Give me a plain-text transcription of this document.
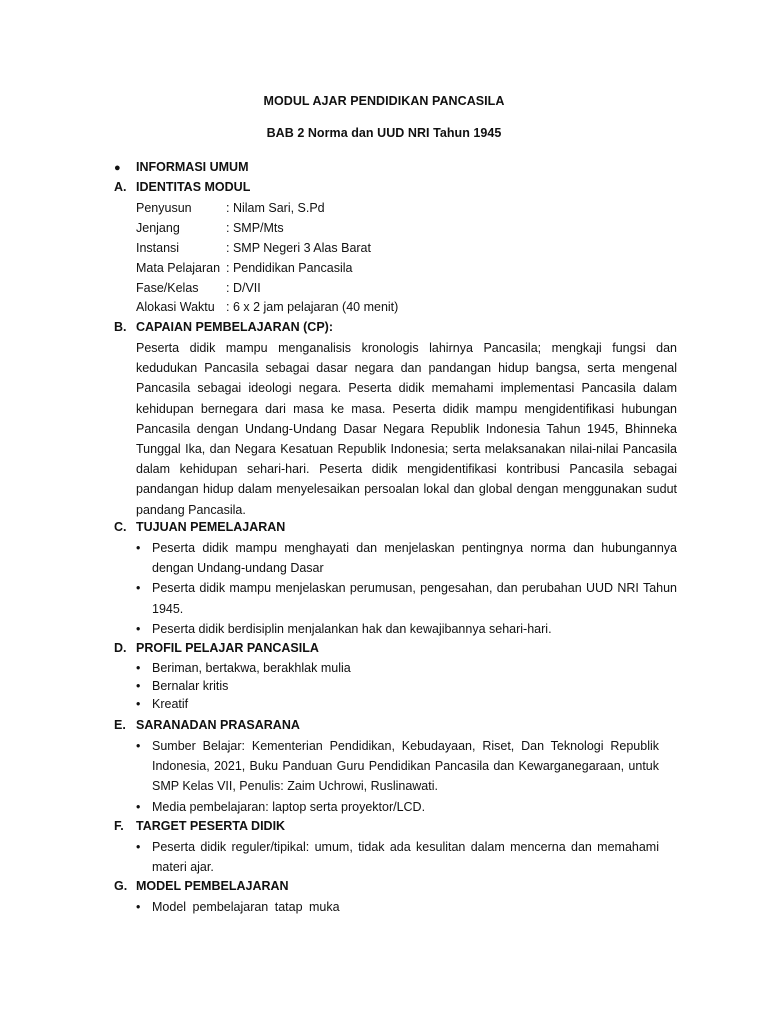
MODUL AJAR PENDIDIKAN PANCASILA
BAB 2 Norma dan UUD NRI Tahun 1945
● INFORMASI UMUM
A. IDENTITAS MODUL
Penyusun	: Nilam Sari, S.Pd
Jenjang	: SMP/Mts
Instansi	: SMP Negeri 3 Alas Barat
Mata Pelajaran : Pendidikan Pancasila
Fase/Kelas : D/VII
Alokasi Waktu : 6 x 2 jam pelajaran (40 menit)
B. CAPAIAN PEMBELAJARAN (CP):
Peserta didik mampu menganalisis kronologis lahirnya Pancasila; mengkaji fungsi dan kedudukan Pancasila sebagai dasar negara dan pandangan hidup bangsa, serta mengenal Pancasila sebagai ideologi negara. Peserta didik memahami implementasi Pancasila dalam kehidupan bernegara dari masa ke masa. Peserta didik mampu mengidentifikasi hubungan Pancasila dengan Undang-Undang Dasar Negara Republik Indonesia Tahun 1945, Bhinneka Tunggal Ika, dan Negara Kesatuan Republik Indonesia; serta melaksanakan nilai-nilai Pancasila dalam kehidupan sehari-hari. Peserta didik mengidentifikasi kontribusi Pancasila sebagai pandangan hidup dalam menyelesaikan persoalan lokal dan global dengan menggunakan sudut pandang Pancasila.
C. TUJUAN PEMELAJARAN
• Peserta didik mampu menghayati dan menjelaskan pentingnya norma dan hubungannya dengan Undang-undang Dasar
• Peserta didik mampu menjelaskan perumusan, pengesahan, dan perubahan UUD NRI Tahun 1945.
• Peserta didik berdisiplin menjalankan hak dan kewajibannya sehari-hari.
D. PROFIL PELAJAR PANCASILA
• Beriman, bertakwa, berakhlak mulia
• Bernalar kritis
• Kreatif
E. SARANADAN PRASARANA
• Sumber Belajar: Kementerian Pendidikan, Kebudayaan, Riset, Dan Teknologi Republik Indonesia, 2021, Buku Panduan Guru Pendidikan Pancasila dan Kewarganegaraan, untuk SMP Kelas VII, Penulis: Zaim Uchrowi, Ruslinawati.
• Media pembelajaran: laptop serta proyektor/LCD.
F. TARGET PESERTA DIDIK
• Peserta didik reguler/tipikal: umum, tidak ada kesulitan dalam mencerna dan memahami materi ajar.
G. MODEL PEMBELAJARAN
• Model pembelajaran tatap muka
